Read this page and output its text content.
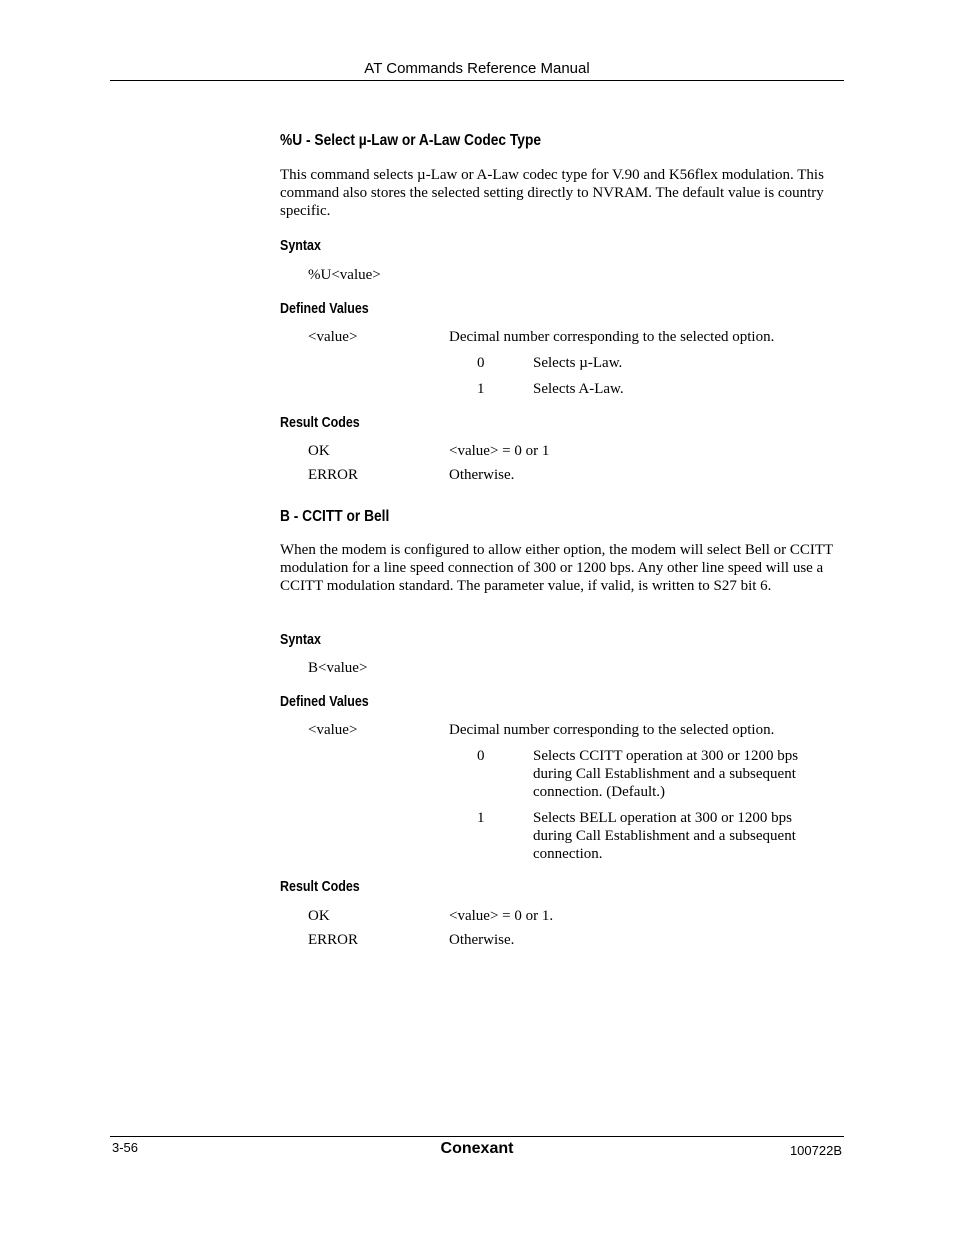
AT Commands Reference Manual
%U - Select µ-Law or A-Law Codec Type
This command selects µ-Law or A-Law codec type for V.90 and K56flex modulation. This command also stores the selected setting directly to NVRAM. The default value is country specific.
Syntax
%U<value>
Defined Values
<value>	Decimal number corresponding to the selected option.
0	Selects µ-Law.
1	Selects A-Law.
Result Codes
OK	<value> = 0 or 1
ERROR	Otherwise.
B - CCITT or Bell
When the modem is configured to allow either option, the modem will select Bell or CCITT modulation for a line speed connection of 300 or 1200 bps. Any other line speed will use a CCITT modulation standard. The parameter value, if valid, is written to S27 bit 6.
Syntax
B<value>
Defined Values
<value>	Decimal number corresponding to the selected option.
0	Selects CCITT operation at 300 or 1200 bps during Call Establishment and a subsequent connection. (Default.)
1	Selects BELL operation at 300 or 1200 bps during Call Establishment and a subsequent connection.
Result Codes
OK	<value> = 0 or 1.
ERROR	Otherwise.
3-56	Conexant	100722B
